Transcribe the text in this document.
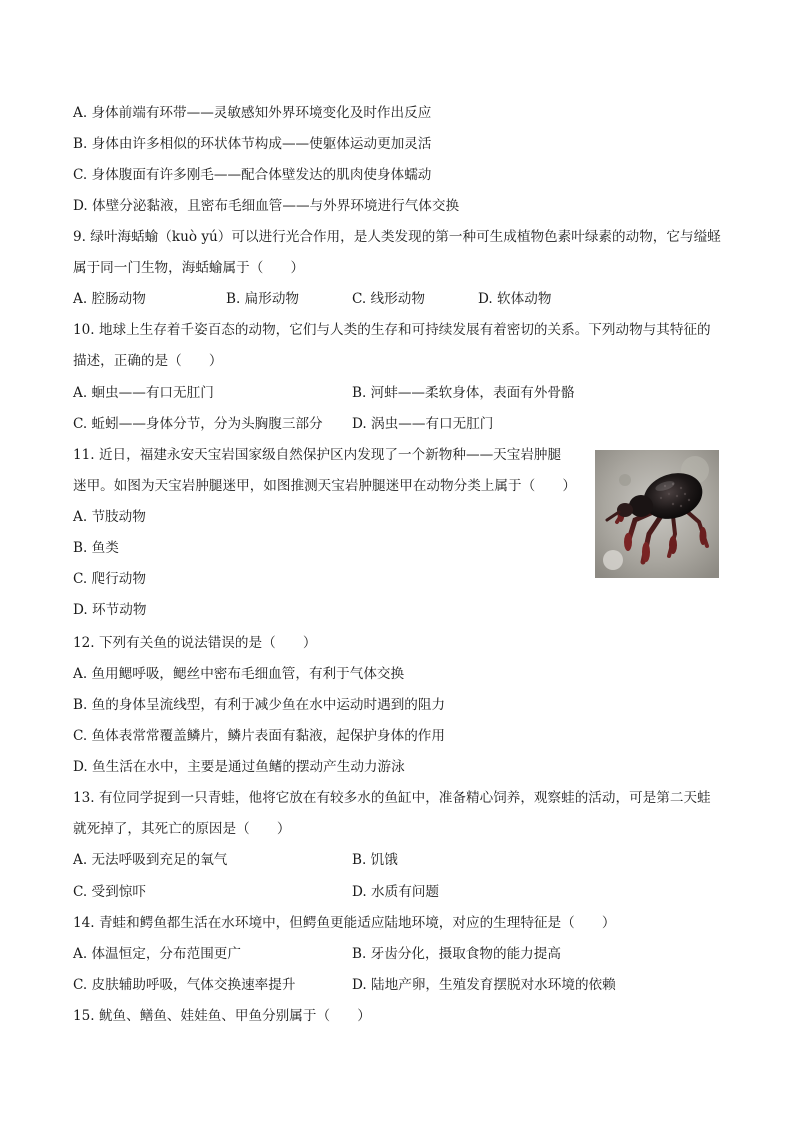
A. 身体前端有环带——灵敏感知外界环境变化及时作出反应
B. 身体由许多相似的环状体节构成——使躯体运动更加灵活
C. 身体腹面有许多刚毛——配合体壁发达的肌肉使身体蠕动
D. 体壁分泌黏液，且密布毛细血管——与外界环境进行气体交换
9. 绿叶海蛞蝓（kuò yú）可以进行光合作用，是人类发现的第一种可生成植物色素叶绿素的动物，它与缢蛏
属于同一门生物，海蛞蝓属于（　　）
A. 腔肠动物	B. 扁形动物	C. 线形动物	D. 软体动物
10. 地球上生存着千姿百态的动物，它们与人类的生存和可持续发展有着密切的关系。下列动物与其特征的
描述，正确的是（　　）
A. 蛔虫——有口无肛门	B. 河蚌——柔软身体，表面有外骨骼
C. 蚯蚓——身体分节，分为头胸腹三部分 D. 涡虫——有口无肛门
11. 近日，福建永安天宝岩国家级自然保护区内发现了一个新物种——天宝岩肿腿
迷甲。如图为天宝岩肿腿迷甲，如图推测天宝岩肿腿迷甲在动物分类上属于（　　）
A. 节肢动物
B. 鱼类
C. 爬行动物
D. 环节动物
12. 下列有关鱼的说法错误的是（　　）
A. 鱼用鳃呼吸，鳃丝中密布毛细血管，有利于气体交换
B. 鱼的身体呈流线型，有利于减少鱼在水中运动时遇到的阻力
C. 鱼体表常常覆盖鳞片，鳞片表面有黏液，起保护身体的作用
D. 鱼生活在水中，主要是通过鱼鳍的摆动产生动力游泳
13. 有位同学捉到一只青蛙，他将它放在有较多水的鱼缸中，准备精心饲养，观察蛙的活动，可是第二天蛙
就死掉了，其死亡的原因是（　　）
A. 无法呼吸到充足的氧气	B. 饥饿
C. 受到惊吓	D. 水质有问题
14. 青蛙和鳄鱼都生活在水环境中，但鳄鱼更能适应陆地环境，对应的生理特征是（　　）
A. 体温恒定，分布范围更广	B. 牙齿分化，摄取食物的能力提高
C. 皮肤辅助呼吸，气体交换速率提升	D. 陆地产卵，生殖发育摆脱对水环境的依赖
15. 鱿鱼、鳝鱼、娃娃鱼、甲鱼分别属于（　　）
